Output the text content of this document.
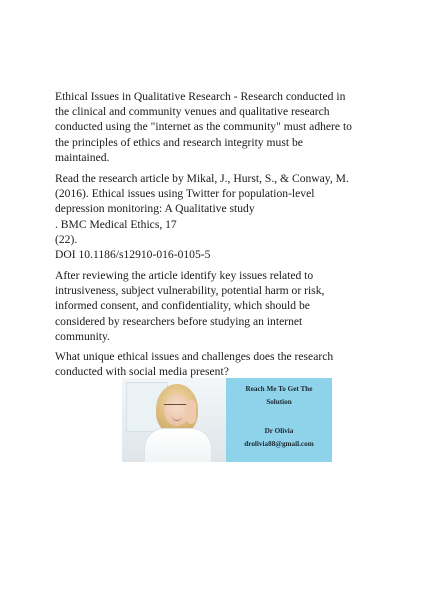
Ethical Issues in Qualitative Research - Research conducted in
the clinical and community venues and qualitative research
conducted using the "internet as the community" must adhere to
the principles of ethics and research integrity must be
maintained.

Read the research article by Mikal, J., Hurst, S., & Conway, M.
(2016). Ethical issues using Twitter for population-level
depression monitoring: A Qualitative study
. BMC Medical Ethics, 17
(22).
DOI 10.1186/s12910-016-0105-5

After reviewing the article identify key issues related to
intrusiveness, subject vulnerability, potential harm or risk,
informed consent, and confidentiality, which should be
considered by researchers before studying an internet
community.

What unique ethical issues and challenges does the research
conducted with social media present?

Reach Me To Get The
Solution
Dr Olivia
drolivia88@gmail.com
